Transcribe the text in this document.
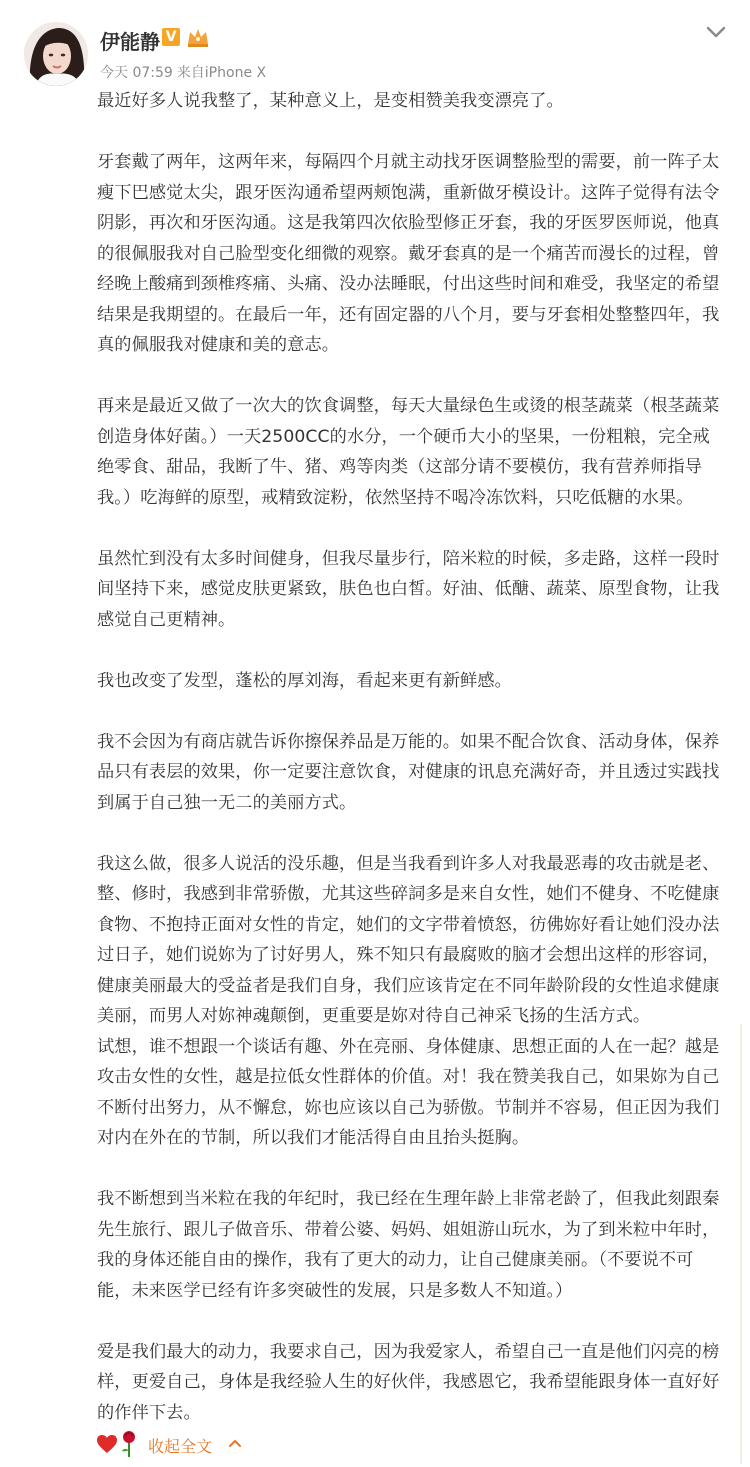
伊能静 V
今天 07:59 来自iPhone X

最近好多人说我整了，某种意义上，是变相赞美我变漂亮了。

牙套戴了两年，这两年来，每隔四个月就主动找牙医调整脸型的需要，前一阵子太瘦下巴感觉太尖，跟牙医沟通希望两颊饱满，重新做牙模设计。这阵子觉得有法令阴影，再次和牙医沟通。这是我第四次依脸型修正牙套，我的牙医罗医师说，他真的很佩服我对自己脸型变化细微的观察。戴牙套真的是一个痛苦而漫长的过程，曾经晚上酸痛到颈椎疼痛、头痛、没办法睡眠，付出这些时间和难受，我坚定的希望结果是我期望的。在最后一年，还有固定器的八个月，要与牙套相处整整四年，我真的佩服我对健康和美的意志。

再来是最近又做了一次大的饮食调整，每天大量绿色生或烫的根茎蔬菜（根茎蔬菜创造身体好菌。）一天2500CC的水分，一个硬币大小的坚果，一份粗粮，完全戒绝零食、甜品，我断了牛、猪、鸡等肉类（这部分请不要模仿，我有营养师指导我。）吃海鲜的原型，戒精致淀粉，依然坚持不喝冷冻饮料，只吃低糖的水果。

虽然忙到没有太多时间健身，但我尽量步行，陪米粒的时候，多走路，这样一段时间坚持下来，感觉皮肤更紧致，肤色也白皙。好油、低醣、蔬菜、原型食物，让我感觉自己更精神。

我也改变了发型，蓬松的厚刘海，看起来更有新鲜感。

我不会因为有商店就告诉你擦保养品是万能的。如果不配合饮食、活动身体，保养品只有表层的效果，你一定要注意饮食，对健康的讯息充满好奇，并且透过实践找到属于自己独一无二的美丽方式。

我这么做，很多人说活的没乐趣，但是当我看到许多人对我最恶毒的攻击就是老、整、修时，我感到非常骄傲，尤其这些碎詞多是来自女性，她们不健身、不吃健康食物、不抱持正面对女性的肯定，她们的文字带着愤怒，彷佛妳好看让她们没办法过日子，她们说妳为了讨好男人，殊不知只有最腐败的脑才会想出这样的形容词，健康美丽最大的受益者是我们自身，我们应该肯定在不同年龄阶段的女性追求健康美丽，而男人对妳神魂颠倒，更重要是妳对待自己神采飞扬的生活方式。

试想，谁不想跟一个谈话有趣、外在亮丽、身体健康、思想正面的人在一起？越是攻击女性的女性，越是拉低女性群体的价值。对！我在赞美我自己，如果妳为自己不断付出努力，从不懈怠，妳也应该以自己为骄傲。节制并不容易，但正因为我们对内在外在的节制，所以我们才能活得自由且抬头挺胸。

我不断想到当米粒在我的年纪时，我已经在生理年龄上非常老龄了，但我此刻跟秦先生旅行、跟儿子做音乐、带着公婆、妈妈、姐姐游山玩水，为了到米粒中年时，我的身体还能自由的操作，我有了更大的动力，让自己健康美丽。（不要说不可能，未来医学已经有许多突破性的发展，只是多数人不知道。）

爱是我们最大的动力，我要求自己，因为我爱家人，希望自己一直是他们闪亮的榜样，更爱自己，身体是我经验人生的好伙伴，我感恩它，我希望能跟身体一直好好的作伴下去。

收起全文
